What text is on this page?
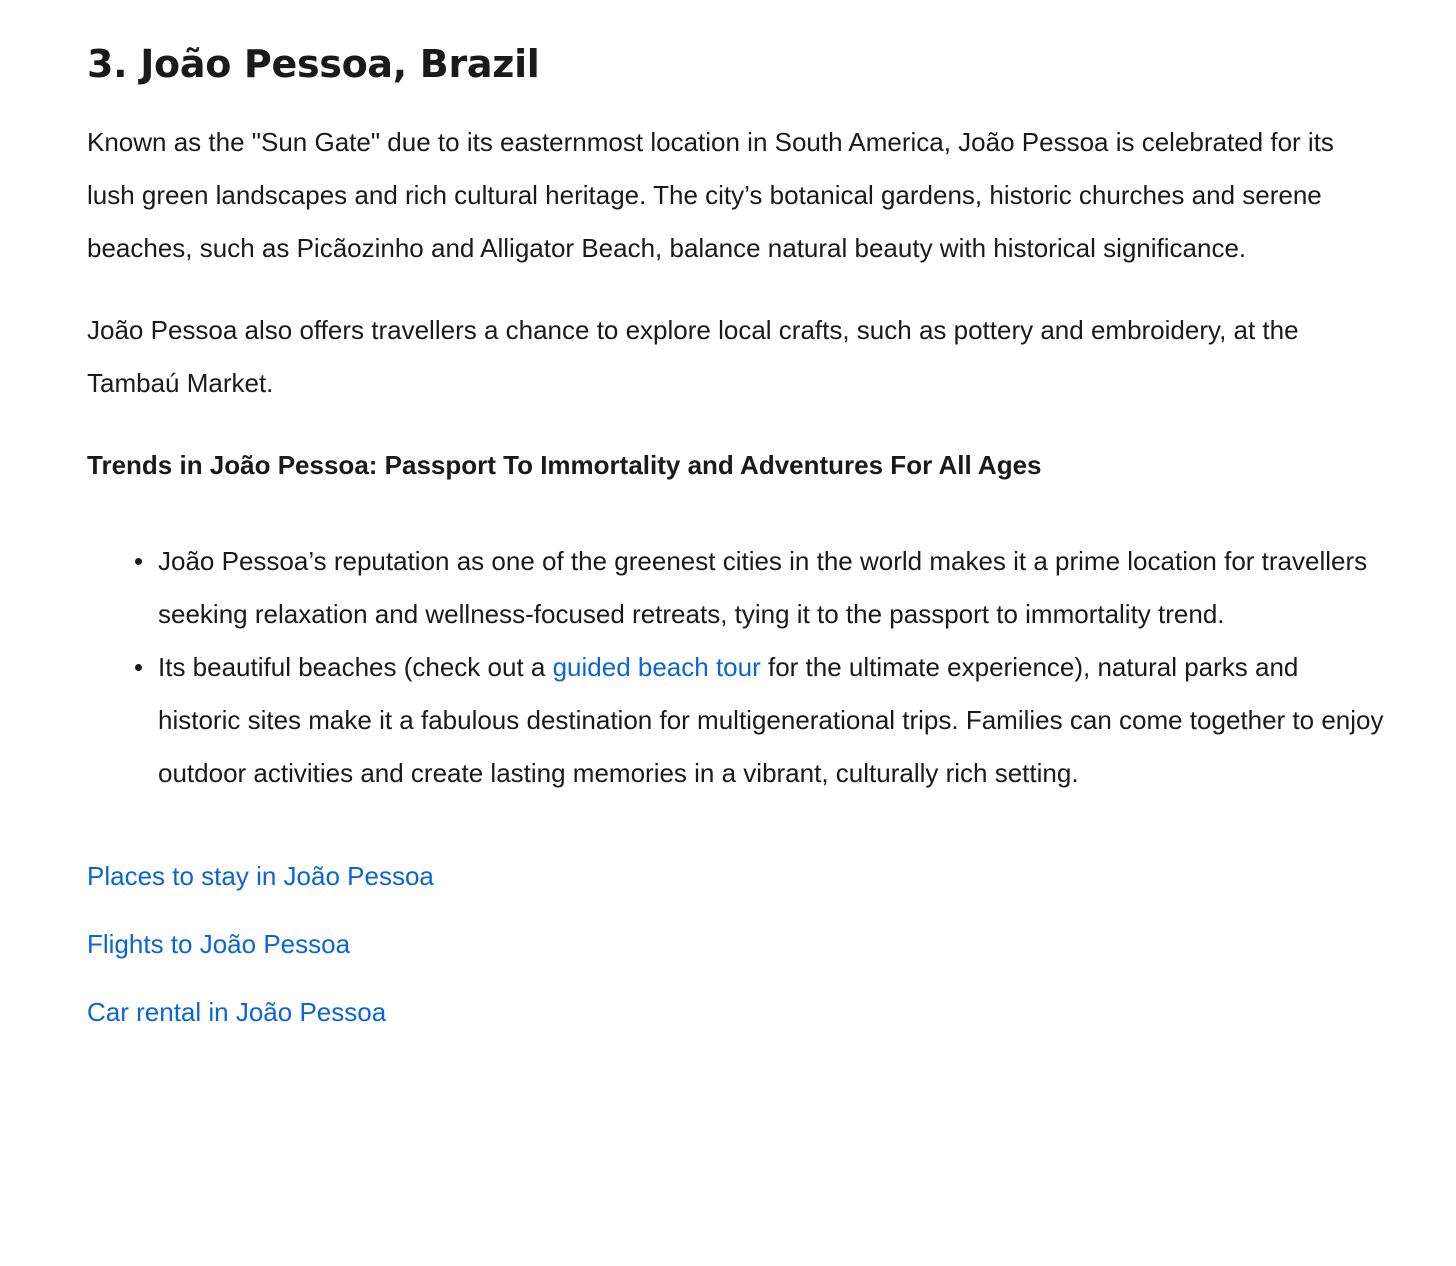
3. João Pessoa, Brazil

Known as the "Sun Gate" due to its easternmost location in South America, João Pessoa is celebrated for its lush green landscapes and rich cultural heritage. The city’s botanical gardens, historic churches and serene beaches, such as Picãozinho and Alligator Beach, balance natural beauty with historical significance.

João Pessoa also offers travellers a chance to explore local crafts, such as pottery and embroidery, at the Tambaú Market.

Trends in João Pessoa: Passport To Immortality and Adventures For All Ages

João Pessoa’s reputation as one of the greenest cities in the world makes it a prime location for travellers seeking relaxation and wellness-focused retreats, tying it to the passport to immortality trend.
Its beautiful beaches (check out a guided beach tour for the ultimate experience), natural parks and historic sites make it a fabulous destination for multigenerational trips. Families can come together to enjoy outdoor activities and create lasting memories in a vibrant, culturally rich setting.
Places to stay in João Pessoa
Flights to João Pessoa
Car rental in João Pessoa
